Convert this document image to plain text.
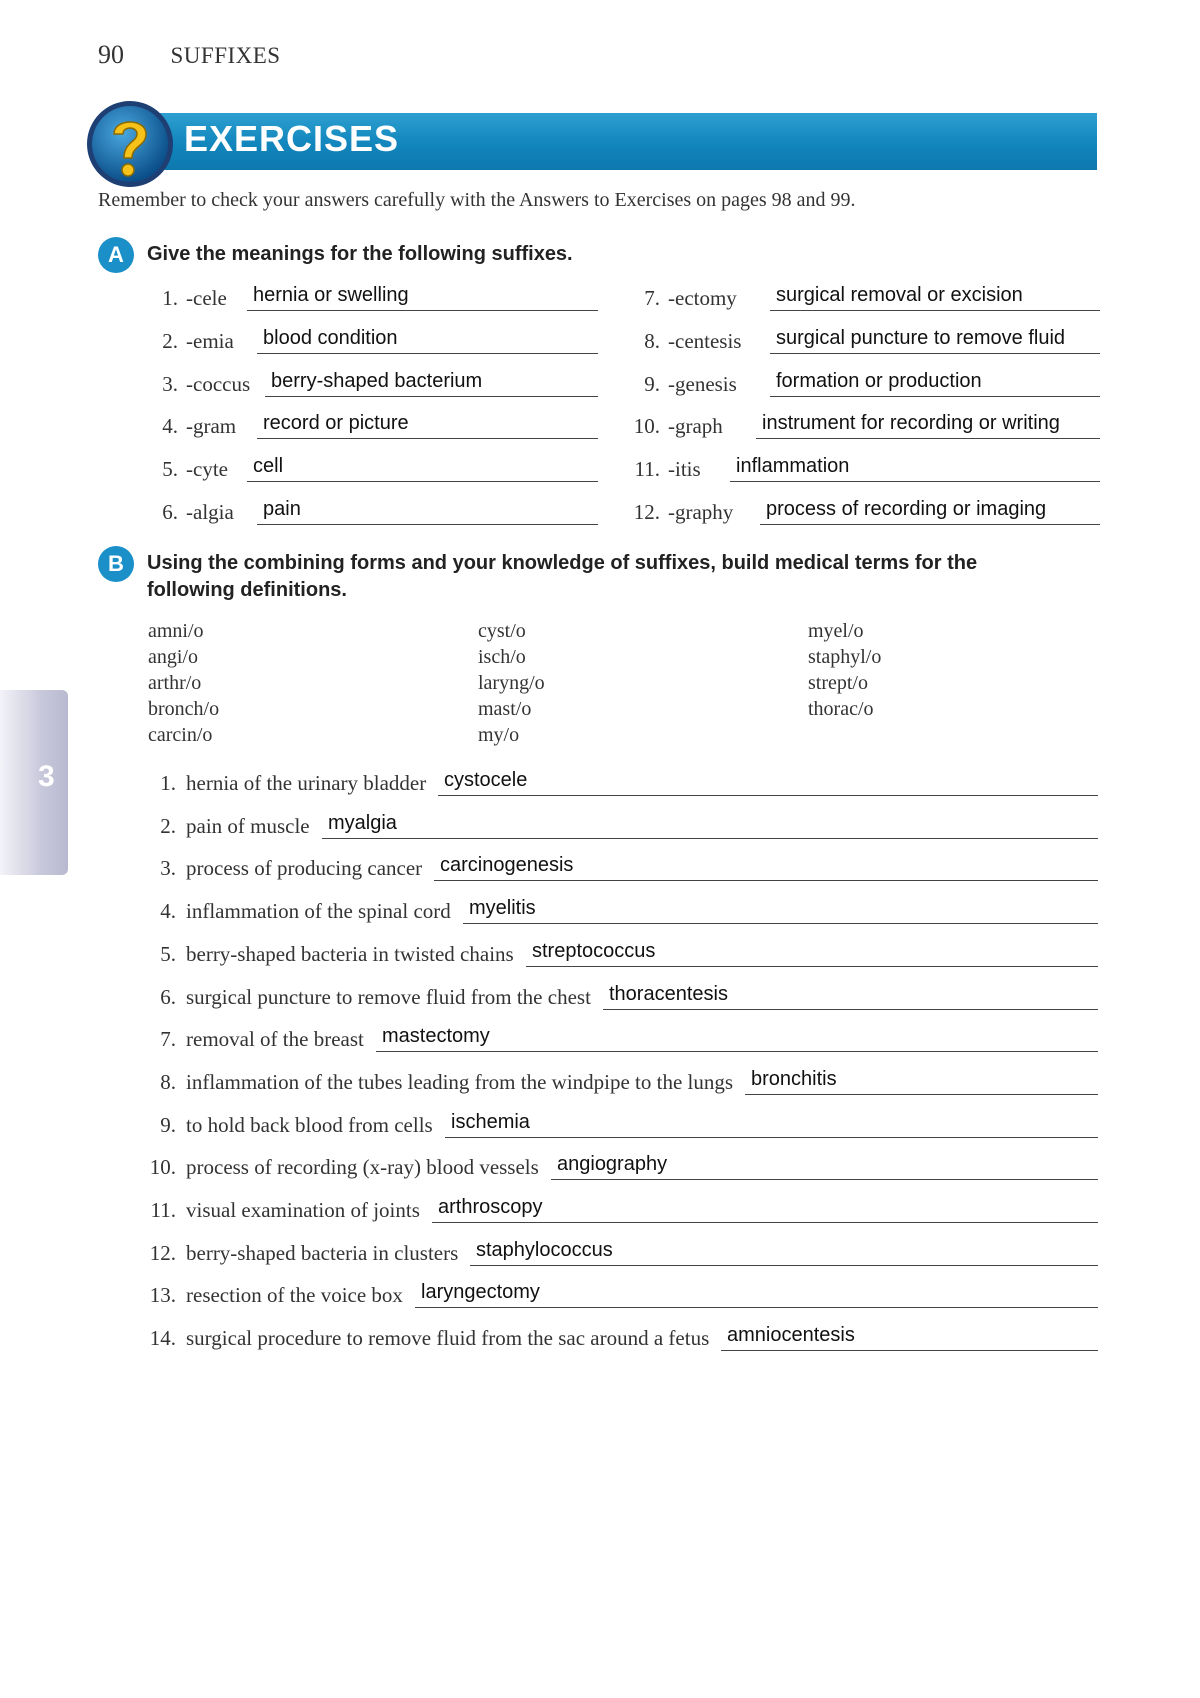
90 SUFFIXES
EXERCISES
Remember to check your answers carefully with the Answers to Exercises on pages 98 and 99.
A	Give the meanings for the following suffixes.
1. -cele hernia or swelling
2. -emia blood condition
3. -coccus berry-shaped bacterium
4. -gram record or picture
5. -cyte cell
6. -algia pain
7. -ectomy surgical removal or excision
8. -centesis surgical puncture to remove fluid
9. -genesis formation or production
10. -graph instrument for recording or writing
11. -itis inflammation
12. -graphy process of recording or imaging
B	Using the combining forms and your knowledge of suffixes, build medical terms for the
following definitions.
amni/o
angi/o
arthr/o
bronch/o
carcin/o
cyst/o
isch/o
laryng/o
mast/o
my/o
myel/o
staphyl/o
strept/o
thorac/o
1. hernia of the urinary bladder cystocele
2. pain of muscle myalgia
3. process of producing cancer carcinogenesis
4. inflammation of the spinal cord myelitis
5. berry-shaped bacteria in twisted chains streptococcus
6. surgical puncture to remove fluid from the chest thoracentesis
7. removal of the breast mastectomy
8. inflammation of the tubes leading from the windpipe to the lungs bronchitis
9. to hold back blood from cells ischemia
10. process of recording (x-ray) blood vessels angiography
11. visual examination of joints arthroscopy
12. berry-shaped bacteria in clusters staphylococcus
13. resection of the voice box laryngectomy
14. surgical procedure to remove fluid from the sac around a fetus amniocentesis
3
